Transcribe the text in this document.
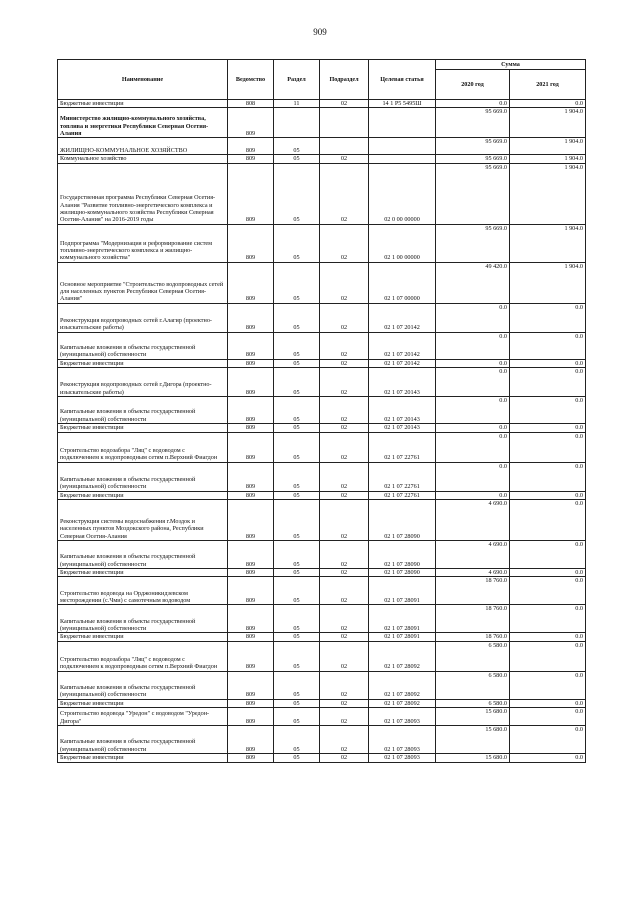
909
Наименование	Ведомство	Раздел	Подраздел	Целевая статья	Сумма	
					2020 год	2021 год
Бюджетные инвестиции	808	11	02	14 1 P5 5495Ш	0.0	0.0
Министерство жилищно-коммунального хозяйства, топлива и энергетики Республики Северная Осетия-Алания	809				95 669.0	1 904.0
ЖИЛИЩНО-КОММУНАЛЬНОЕ ХОЗЯЙСТВО	809	05			95 669.0	1 904.0
Коммунальное хозяйство	809	05	02		95 669.0	1 904.0
Государственная программа Республики Северная Осетия-Алания "Развитие топливно-энергетического комплекса и жилищно-коммунального хозяйства Республики Северная Осетия-Алания" на 2016-2019 годы	809	05	02	02 0 00 00000	95 669.0	1 904.0
Подпрограмма "Модернизация и реформирование систем топливно-энергетического комплекса и жилищно-коммунального хозяйства"	809	05	02	02 1 00 00000	95 669.0	1 904.0
Основное мероприятие "Строительство водопроводных сетей для населенных пунктов Республики Северная Осетия-Алания"	809	05	02	02 1 07 00000	49 420.0	1 904.0
Реконструкция водопроводных сетей г.Алагир (проектно-изыскательские работы)	809	05	02	02 1 07 20142	0.0	0.0
Капитальные вложения в объекты государственной (муниципальной) собственности	809	05	02	02 1 07 20142	0.0	0.0
Бюджетные инвестиции	809	05	02	02 1 07 20142	0.0	0.0
Реконструкция водопроводных сетей г.Дигора (проектно-изыскательские работы)	809	05	02	02 1 07 20143	0.0	0.0
Капитальные вложения в объекты государственной (муниципальной) собственности	809	05	02	02 1 07 20143	0.0	0.0
Бюджетные инвестиции	809	05	02	02 1 07 20143	0.0	0.0
Строительство водозабора "Ляц" с водоводом с подключением к водопроводным сетям п.Верхний Фиагдон	809	05	02	02 1 07 22761	0.0	0.0
Капитальные вложения в объекты государственной (муниципальной) собственности	809	05	02	02 1 07 22761	0.0	0.0
Бюджетные инвестиции	809	05	02	02 1 07 22761	0.0	0.0
Реконструкция системы водоснабжения г.Моздок и населенных пунктов Моздокского района, Республики Северная Осетия-Алания	809	05	02	02 1 07 28090	4 690.0	0.0
Капитальные вложения в объекты государственной (муниципальной) собственности	809	05	02	02 1 07 28090	4 690.0	0.0
Бюджетные инвестиции	809	05	02	02 1 07 28090	4 690.0	0.0
Строительство водовода на Орджоникидзевском месторождении (с.Чми) с самотечным водоводом	809	05	02	02 1 07 28091	18 760.0	0.0
Капитальные вложения в объекты государственной (муниципальной) собственности	809	05	02	02 1 07 28091	18 760.0	0.0
Бюджетные инвестиции	809	05	02	02 1 07 28091	18 760.0	0.0
Строительство водозабора "Ляц" с водоводом с подключением к водопроводным сетям п.Верхний Фиагдон	809	05	02	02 1 07 28092	6 580.0	0.0
Капитальные вложения в объекты государственной (муниципальной) собственности	809	05	02	02 1 07 28092	6 580.0	0.0
Бюджетные инвестиции	809	05	02	02 1 07 28092	6 580.0	0.0
Строительство водовода "Уредон" с водоводом "Уредон-Дигора"	809	05	02	02 1 07 28093	15 680.0	0.0
Капитальные вложения в объекты государственной (муниципальной) собственности	809	05	02	02 1 07 28093	15 680.0	0.0
Бюджетные инвестиции	809	05	02	02 1 07 28093	15 680.0	0.0
